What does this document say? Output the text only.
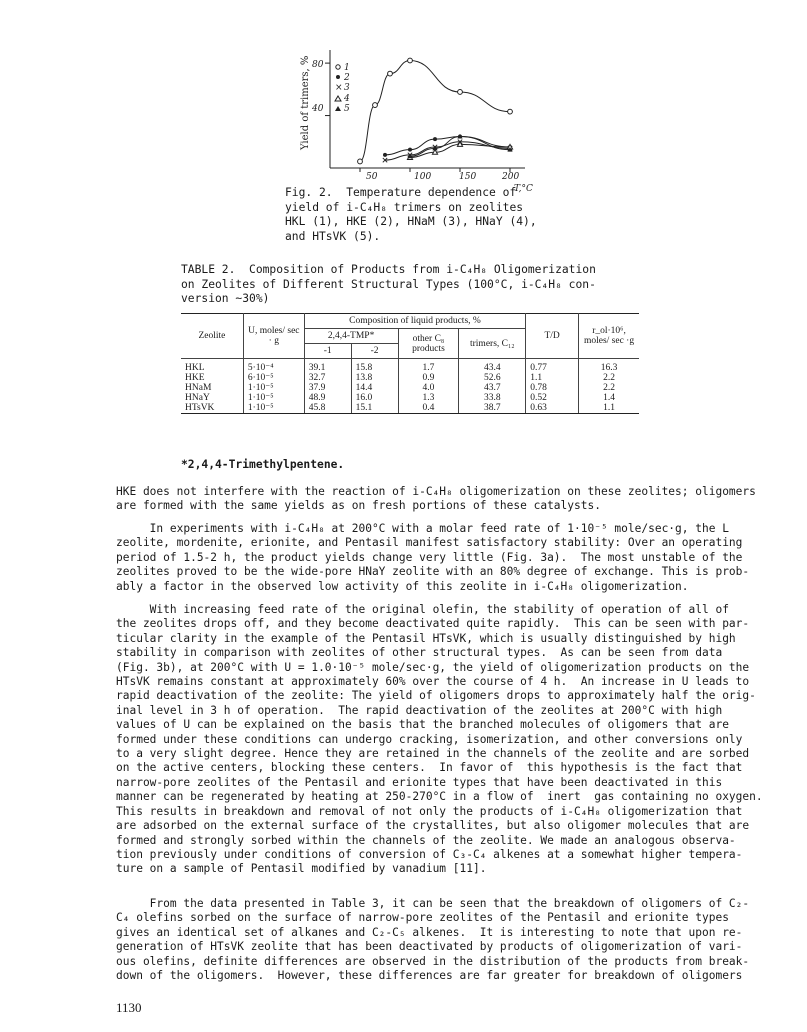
Yield of trimers, %
T,°C
80
40
50	100	150	200
1
2
× 3
4
5
Fig. 2.  Temperature dependence of
yield of i-C₄H₈ trimers on zeolites
HKL (1), HKE (2), HNaM (3), HNaY (4),
and HTsVK (5).
TABLE 2.  Composition of Products from i-C₄H₈ Oligomerization
on Zeolites of Different Structural Types (100°C, i-C₄H₈ con-
version ~30%)
Zeolite	U, moles/ sec · g	Composition of liquid products, %				T/D	r_ol·10⁶, moles/ sec ·g
		2,4,4-TMP*		other C₈ products	trimers, C₁₂		
		-1	-2				
HKL	5·10⁻⁴	39.1	15.8	1.7	43.4	0.77	16.3
HKE	6·10⁻⁵	32.7	13.8	0.9	52.6	1.1	2.2
HNaM	1·10⁻⁵	37.9	14.4	4.0	43.7	0.78	2.2
HNaY	1·10⁻⁵	48.9	16.0	1.3	33.8	0.52	1.4
HTsVK	1·10⁻⁵	45.8	15.1	0.4	38.7	0.63	1.1
*2,4,4-Trimethylpentene.
HKE does not interfere with the reaction of i-C₄H₈ oligomerization on these zeolites; oligomers
are formed with the same yields as on fresh portions of these catalysts.
In experiments with i-C₄H₈ at 200°C with a molar feed rate of 1·10⁻⁵ mole/sec·g, the L
zeolite, mordenite, erionite, and Pentasil manifest satisfactory stability: Over an operating
period of 1.5-2 h, the product yields change very little (Fig. 3a).  The most unstable of the
zeolites proved to be the wide-pore HNaY zeolite with an 80% degree of exchange. This is prob-
ably a factor in the observed low activity of this zeolite in i-C₄H₈ oligomerization.
With increasing feed rate of the original olefin, the stability of operation of all of
the zeolites drops off, and they become deactivated quite rapidly.  This can be seen with par-
ticular clarity in the example of the Pentasil HTsVK, which is usually distinguished by high
stability in comparison with zeolites of other structural types.  As can be seen from data
(Fig. 3b), at 200°C with U = 1.0·10⁻⁵ mole/sec·g, the yield of oligomerization products on the
HTsVK remains constant at approximately 60% over the course of 4 h.  An increase in U leads to
rapid deactivation of the zeolite: The yield of oligomers drops to approximately half the orig-
inal level in 3 h of operation.  The rapid deactivation of the zeolites at 200°C with high
values of U can be explained on the basis that the branched molecules of oligomers that are
formed under these conditions can undergo cracking, isomerization, and other conversions only
to a very slight degree. Hence they are retained in the channels of the zeolite and are sorbed
on the active centers, blocking these centers.  In favor of  this hypothesis is the fact that
narrow-pore zeolites of the Pentasil and erionite types that have been deactivated in this
manner can be regenerated by heating at 250-270°C in a flow of  inert  gas containing no oxygen.
This results in breakdown and removal of not only the products of i-C₄H₈ oligomerization that
are adsorbed on the external surface of the crystallites, but also oligomer molecules that are
formed and strongly sorbed within the channels of the zeolite. We made an analogous observa-
tion previously under conditions of conversion of C₃-C₄ alkenes at a somewhat higher tempera-
ture on a sample of Pentasil modified by vanadium [11].
From the data presented in Table 3, it can be seen that the breakdown of oligomers of C₂-
C₄ olefins sorbed on the surface of narrow-pore zeolites of the Pentasil and erionite types
gives an identical set of alkanes and C₂-C₅ alkenes.  It is interesting to note that upon re-
generation of HTsVK zeolite that has been deactivated by products of oligomerization of vari-
ous olefins, definite differences are observed in the distribution of the products from break-
down of the oligomers.  However, these differences are far greater for breakdown of oligomers
1130
